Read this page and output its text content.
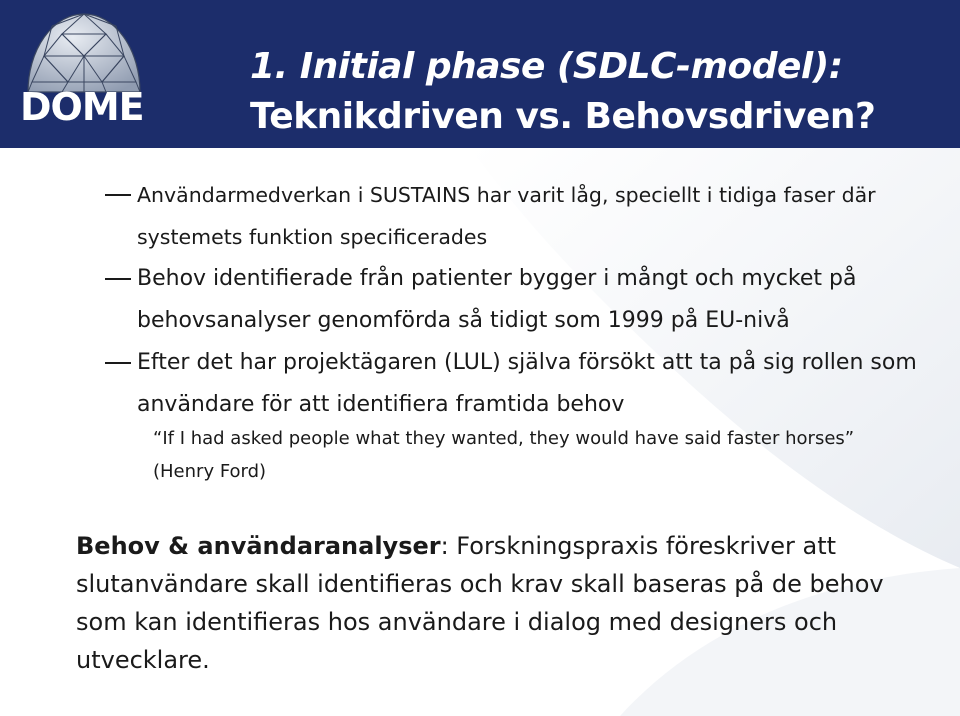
DOME
1. Initial phase (SDLC-model):
Teknikdriven vs. Behovsdriven?
Användarmedverkan i SUSTAINS har varit låg, speciellt i tidiga faser där systemets funktion specificerades
Behov identifierade från patienter bygger i mångt och mycket på behovsanalyser genomförda så tidigt som 1999 på EU-nivå
Efter det har projektägaren (LUL) själva försökt att ta på sig rollen som användare för att identifiera framtida behov
“If I had asked people what they wanted, they would have said faster horses” (Henry Ford)
Behov & användaranalyser: Forskningspraxis föreskriver att slutanvändare skall identifieras och krav skall baseras på de behov som kan identifieras hos användare i dialog med designers och utvecklare.
